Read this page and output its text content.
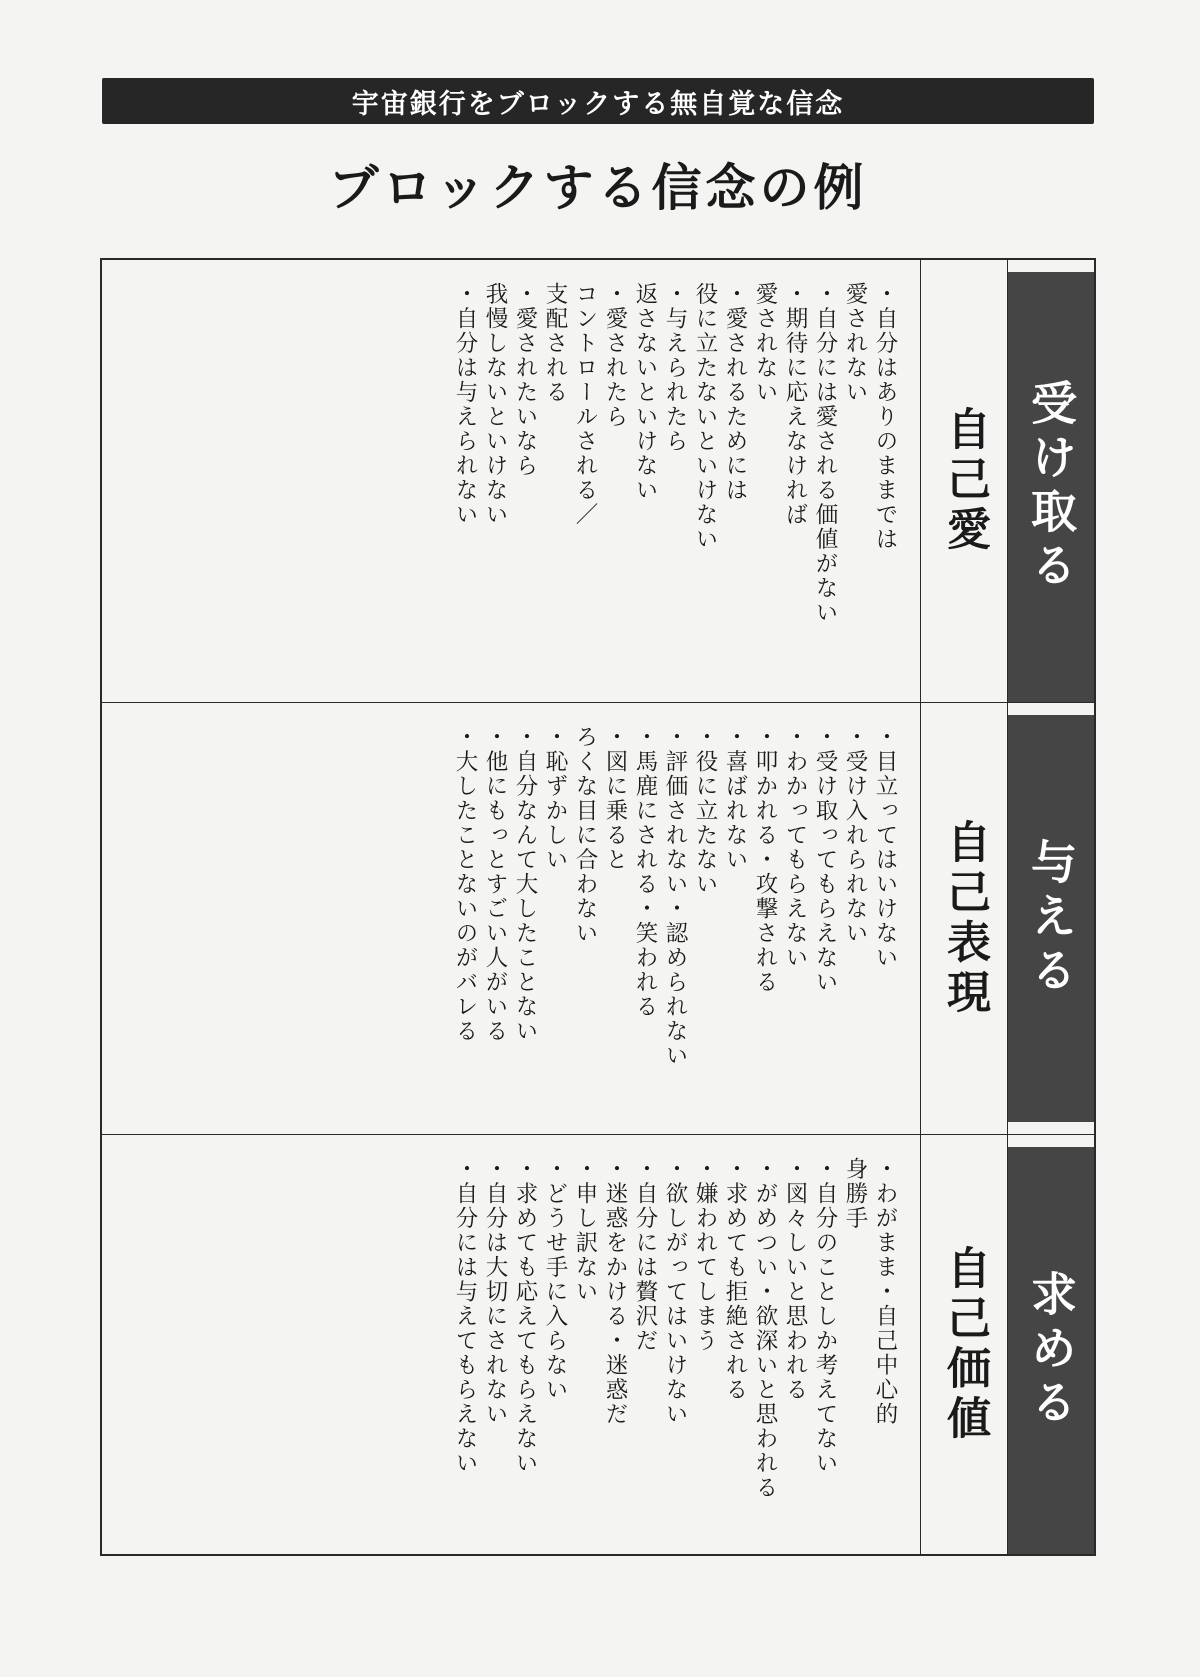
宇宙銀行をブロックする無自覚な信念
ブロックする信念の例
受け取る
自己愛

・自分はありのままでは
愛されない

・自分には愛される価値がない

・期待に応えなければ
愛されない

・愛されるためには
役に立たないといけない

・与えられたら
返さないといけない

・愛されたら
コントロールされる／
支配される

・愛されたいなら
我慢しないといけない

・自分は与えられない

与える
自己表現

・目立ってはいけない

・受け入れられない

・受け取ってもらえない

・わかってもらえない

・叩かれる・攻撃される

・喜ばれない

・役に立たない

・評価されない・認められない

・馬鹿にされる・笑われる

・図に乗ると
ろくな目に合わない

・恥ずかしい

・自分なんて大したことない

・他にもっとすごい人がいる

・大したことないのがバレる

求める
自己価値

・わがまま・自己中心的
身勝手

・自分のことしか考えてない

・図々しいと思われる

・がめつい・欲深いと思われる

・求めても拒絶される

・嫌われてしまう

・欲しがってはいけない

・自分には贅沢だ

・迷惑をかける・迷惑だ

・申し訳ない

・どうせ手に入らない

・求めても応えてもらえない

・自分は大切にされない

・自分には与えてもらえない
